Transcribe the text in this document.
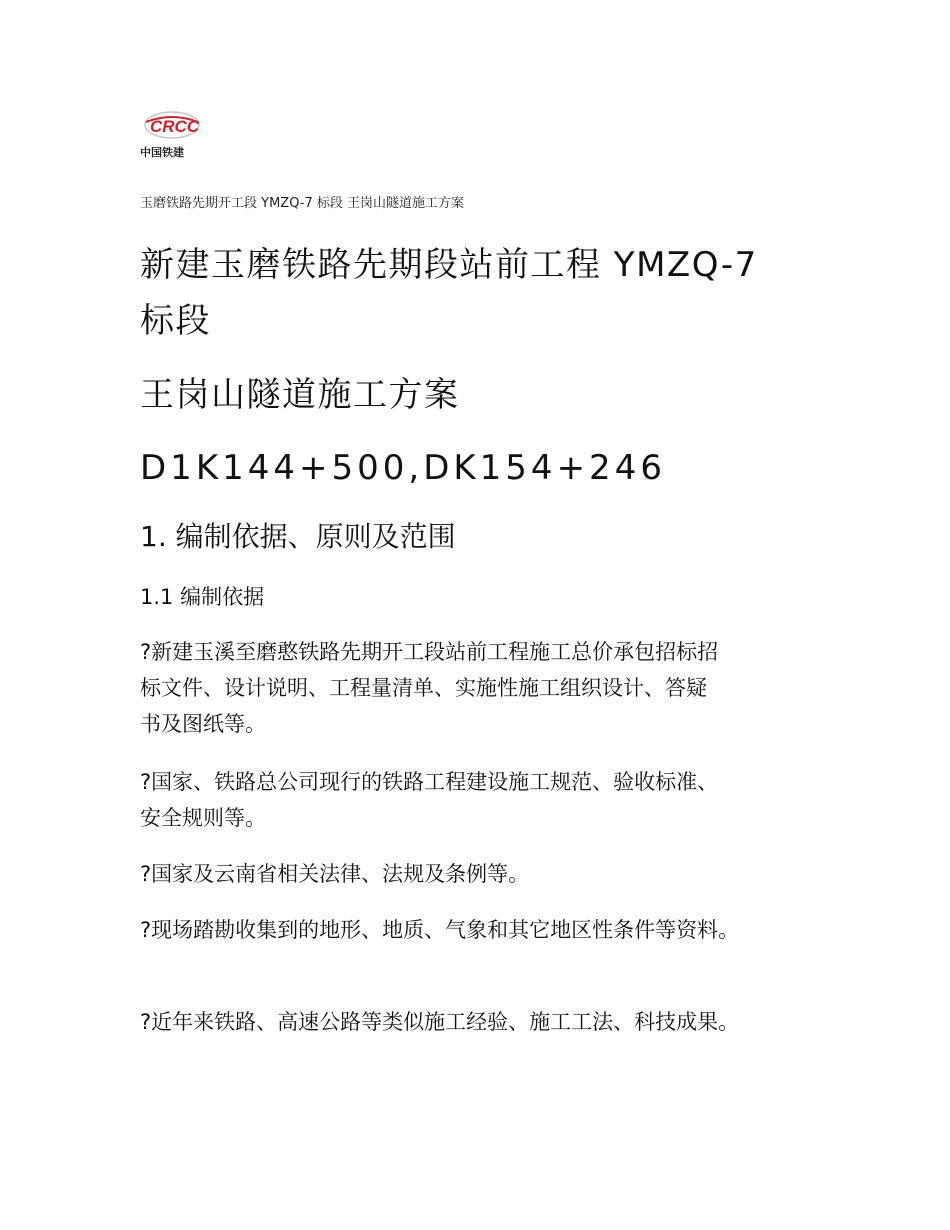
CRCC
中国铁建
玉磨铁路先期开工段 YMZQ-7 标段 王岗山隧道施工方案
新建玉磨铁路先期段站前工程 YMZQ-7
标段
王岗山隧道施工方案
D1K144+500,DK154+246
1. 编制依据、原则及范围
1.1 编制依据
?新建玉溪至磨憨铁路先期开工段站前工程施工总价承包招标招
标文件、设计说明、工程量清单、实施性施工组织设计、答疑
书及图纸等。
?国家、铁路总公司现行的铁路工程建设施工规范、验收标准、
安全规则等。
?国家及云南省相关法律、法规及条例等。
?现场踏勘收集到的地形、地质、气象和其它地区性条件等资料。
?近年来铁路、高速公路等类似施工经验、施工工法、科技成果。
